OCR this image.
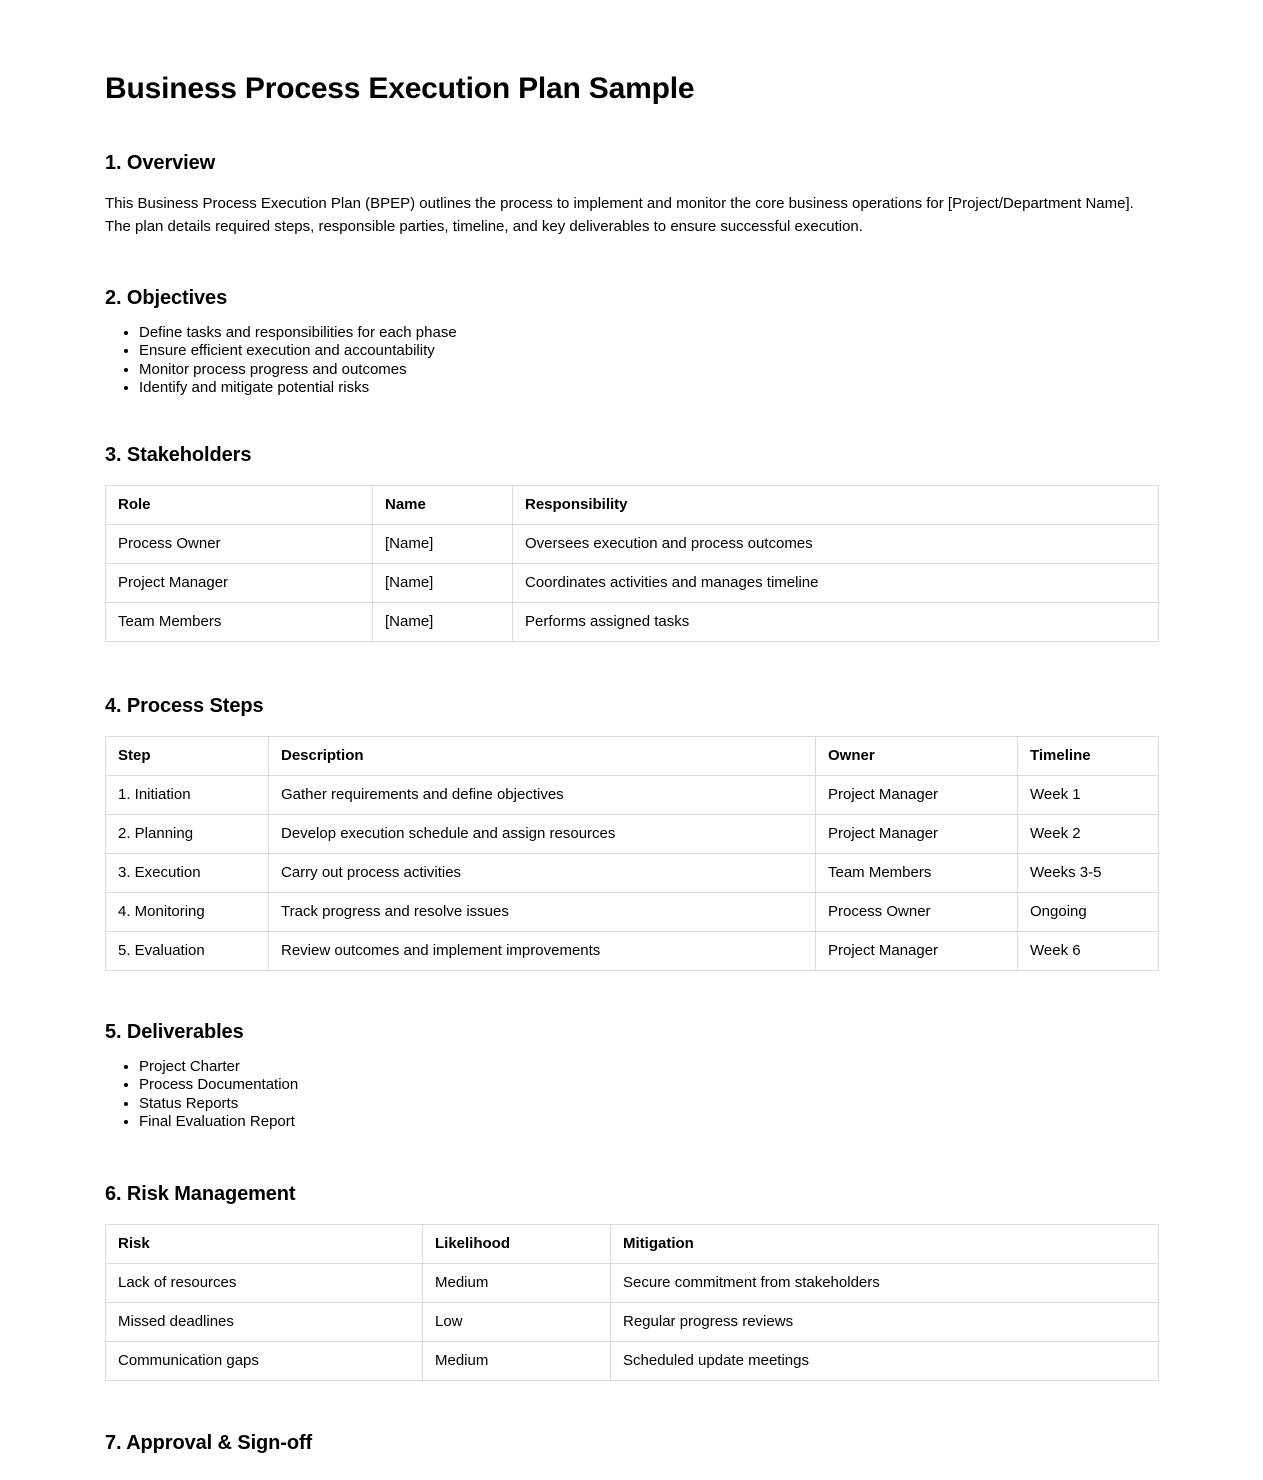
Business Process Execution Plan Sample
1. Overview

This Business Process Execution Plan (BPEP) outlines the process to implement and monitor the core business operations for [Project/Department Name]. The plan details required steps, responsible parties, timeline, and key deliverables to ensure successful execution.

2. Objectives
• Define tasks and responsibilities for each phase
• Ensure efficient execution and accountability
• Monitor process progress and outcomes
• Identify and mitigate potential risks
3. Stakeholders
Role	Name	Responsibility
Process Owner	[Name]	Oversees execution and process outcomes
Project Manager	[Name]	Coordinates activities and manages timeline
Team Members	[Name]	Performs assigned tasks
4. Process Steps
Step	Description	Owner	Timeline
1. Initiation	Gather requirements and define objectives	Project Manager	Week 1
2. Planning	Develop execution schedule and assign resources	Project Manager	Week 2
3. Execution	Carry out process activities	Team Members	Weeks 3-5
4. Monitoring	Track progress and resolve issues	Process Owner	Ongoing
5. Evaluation	Review outcomes and implement improvements	Project Manager	Week 6
5. Deliverables
• Project Charter
• Process Documentation
• Status Reports
• Final Evaluation Report
6. Risk Management
Risk	Likelihood	Mitigation
Lack of resources	Medium	Secure commitment from stakeholders
Missed deadlines	Low	Regular progress reviews
Communication gaps	Medium	Scheduled update meetings
7. Approval & Sign-off
